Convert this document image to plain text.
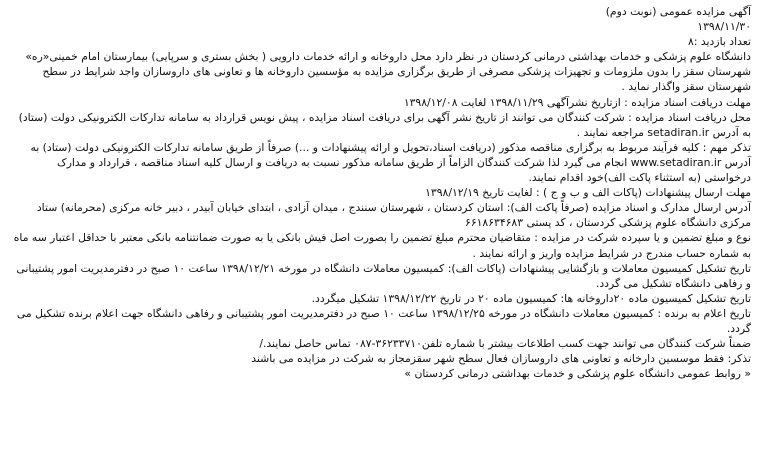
آگهی مزایده عمومی (نوبت دوم)

۱۳۹۸/۱۱/۳۰

تعداد بازدید :۸

دانشگاه علوم پزشکی و خدمات بهداشتی درمانی کردستان در نظر دارد محل داروخانه و ارائه خدمات دارویی ( بخش بستری و سرپایی) بیمارستان امام خمینی«ره» شهرستان سقز را بدون ملزومات و تجهیزات پزشکی مصرفی از طریق برگزاری مزایده به مؤسسین داروخانه ها و تعاونی های داروسازان واجد شرایط در سطح شهرستان سقز واگذار نماید .

مهلت دریافت اسناد مزایده : ازتاریخ نشرآگهی ۱۳۹۸/۱۱/۲۹ لغایت ۱۳۹۸/۱۲/۰۸

محل دریافت اسناد مزایده : شرکت کنندگان می توانند از تاریخ نشر آگهی برای دریافت اسناد مزایده ، پیش نویس قرارداد به سامانه تدارکات الکترونیکی دولت (ستاد) به آدرس setadiran.ir مراجعه نمایند .

تذکر مهم : کلیه فرآیند مربوط به برگزاری مناقصه مذکور (دریافت اسناد،تحویل و ارائه پیشنهادات و ...) صرفاً از طریق سامانه تدارکات الکترونیکی دولت (ستاد) به آدرس www.setadiran.ir انجام می گیرد لذا شرکت کنندگان الزاماً از طریق سامانه مذکور نسبت به دریافت و ارسال کلیه اسناد مناقصه ، قرارداد و مدارک درخواستی (به استثناء پاکت الف)خود اقدام نمایند.

مهلت ارسال پیشنهادات (پاکات الف و ب و ج ) : لغایت تاریخ ۱۳۹۸/۱۲/۱۹

آدرس ارسال مدارک و اسناد مزایده (صرفاً پاکت الف): استان کردستان ، شهرستان سنندج ، میدان آزادی ، ابتدای خیابان آبیدر ، دبیر خانه مرکزی (محرمانه) ستاد مرکزی دانشگاه علوم پزشکی کردستان ، کد پستی ۶۶۱۸۶۳۴۶۸۳

نوع و مبلغ تضمین و یا سپرده شرکت در مزایده : متقاضیان محترم مبلغ تضمین را بصورت اصل فیش بانکی یا به صورت ضمانتنامه بانکی معتبر با حداقل اعتبار سه ماه به شماره حساب مندرج در شرایط مزایده واریز و ارائه نمایند .

تاریخ تشکیل کمیسیون معاملات و بازگشایی پیشنهادات (پاکات الف): کمیسیون معاملات دانشگاه در مورخه ۱۳۹۸/۱۲/۲۱ ساعت ۱۰ صبح در دفترمدیریت امور پشتیبانی و رفاهی دانشگاه تشکیل می گردد.

تاریخ تشکیل کمیسیون ماده ۲۰داروخانه ها: کمیسیون ماده ۲۰ در تاریخ ۱۳۹۸/۱۲/۲۲ تشکیل میگردد.

تاریخ اعلام به برنده : کمیسیون معاملات دانشگاه در مورخه ۱۳۹۸/۱۲/۲۵ ساعت ۱۰ صبح در دفترمدیریت امور پشتیبانی و رفاهی دانشگاه جهت اعلام برنده تشکیل می گردد.

ضمناً شرکت کنندگان می توانند جهت کسب اطلاعات بیشتر با شماره تلفن۳۶۲۳۳۷۱۰-۰۸۷ تماس حاصل نمایند./

تذکر: فقط موسسین دارخانه و تعاونی های داروسازان فعال سطح شهر سقزمجاز به شرکت در مزایده می باشند

« روابط عمومی دانشگاه علوم پزشکی و خدمات بهداشتی درمانی کردستان »
